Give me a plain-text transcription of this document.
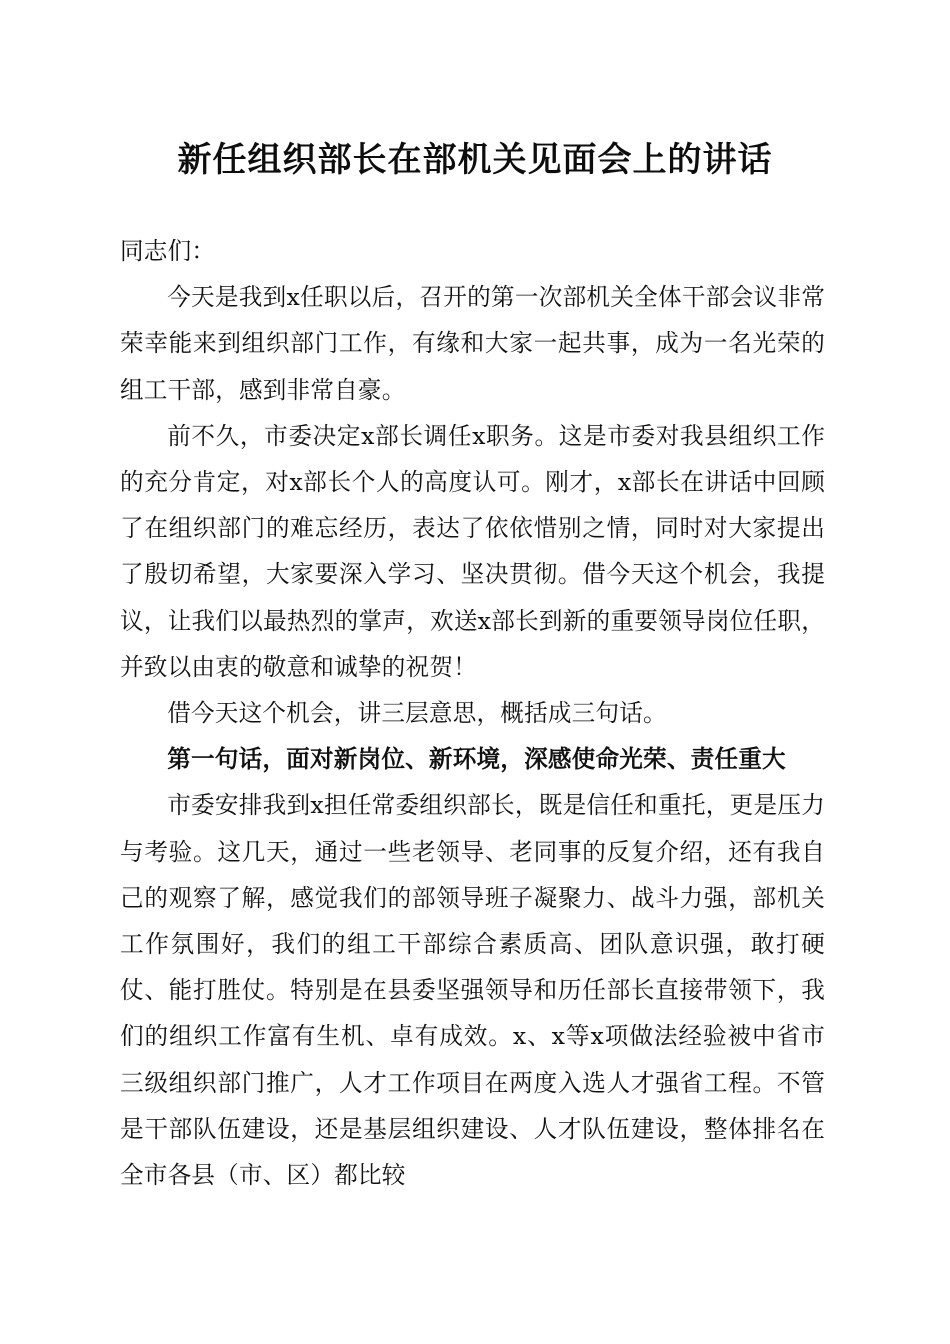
新任组织部长在部机关见面会上的讲话

同志们：

今天是我到x任职以后，召开的第一次部机关全体干部会议非常荣幸能来到组织部门工作，有缘和大家一起共事，成为一名光荣的组工干部，感到非常自豪。

前不久，市委决定x部长调任x职务。这是市委对我县组织工作的充分肯定，对x部长个人的高度认可。刚才，x部长在讲话中回顾了在组织部门的难忘经历，表达了依依惜别之情，同时对大家提出了殷切希望，大家要深入学习、坚决贯彻。借今天这个机会，我提议，让我们以最热烈的掌声，欢送x部长到新的重要领导岗位任职，并致以由衷的敬意和诚挚的祝贺！

借今天这个机会，讲三层意思，概括成三句话。

第一句话，面对新岗位、新环境，深感使命光荣、责任重大

市委安排我到x担任常委组织部长，既是信任和重托，更是压力与考验。这几天，通过一些老领导、老同事的反复介绍，还有我自己的观察了解，感觉我们的部领导班子凝聚力、战斗力强，部机关工作氛围好，我们的组工干部综合素质高、团队意识强，敢打硬仗、能打胜仗。特别是在县委坚强领导和历任部长直接带领下，我们的组织工作富有生机、卓有成效。x、x等x项做法经验被中省市三级组织部门推广，人才工作项目在两度入选人才强省工程。不管是干部队伍建设，还是基层组织建设、人才队伍建设，整体排名在全市各县（市、区）都比较
